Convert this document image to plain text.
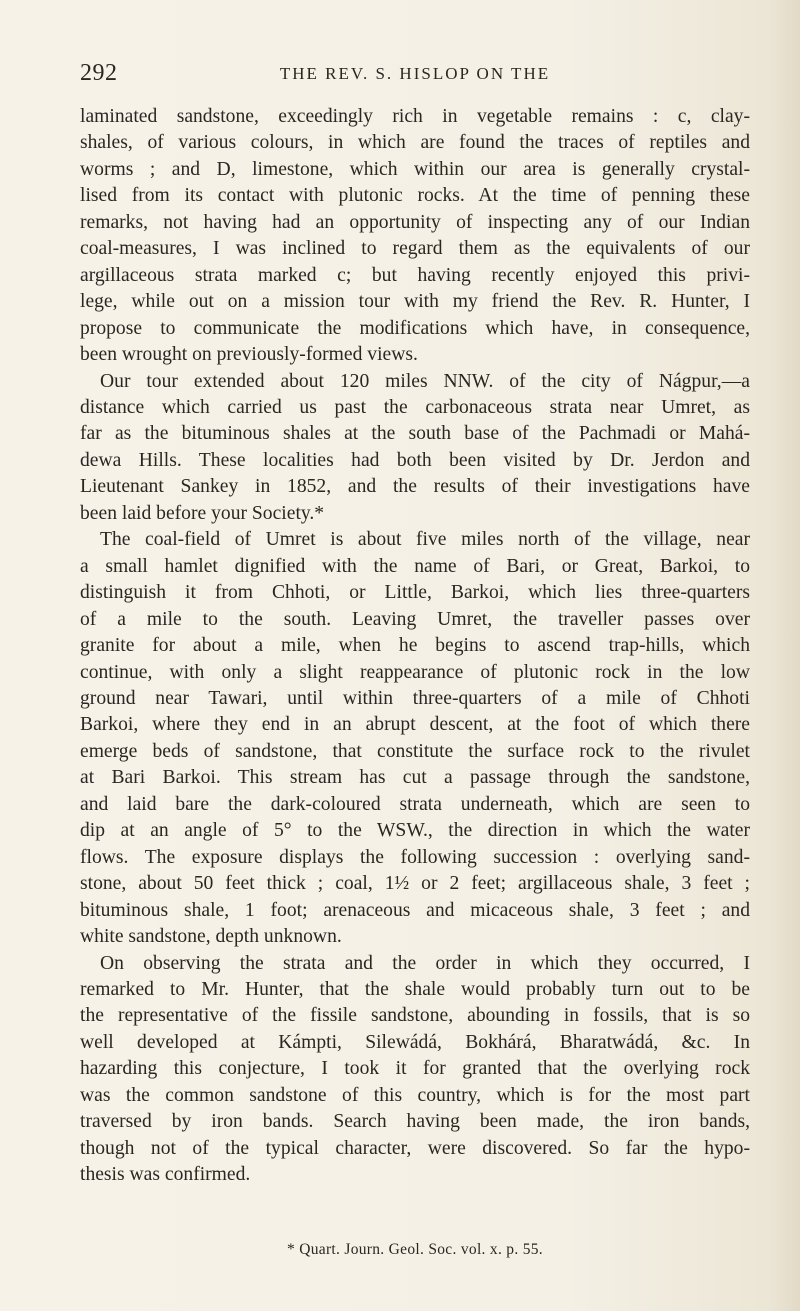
292	THE REV. S. HISLOP ON THE
laminated sandstone, exceedingly rich in vegetable remains : c, clay-
shales, of various colours, in which are found the traces of reptiles and
worms ; and D, limestone, which within our area is generally crystal-
lised from its contact with plutonic rocks. At the time of penning these
remarks, not having had an opportunity of inspecting any of our Indian
coal-measures, I was inclined to regard them as the equivalents of our
argillaceous strata marked c; but having recently enjoyed this privi-
lege, while out on a mission tour with my friend the Rev. R. Hunter, I
propose to communicate the modifications which have, in consequence,
been wrought on previously-formed views.
Our tour extended about 120 miles NNW. of the city of Nágpur,—a
distance which carried us past the carbonaceous strata near Umret, as
far as the bituminous shales at the south base of the Pachmadi or Mahá-
dewa Hills. These localities had both been visited by Dr. Jerdon and
Lieutenant Sankey in 1852, and the results of their investigations have
been laid before your Society.*
The coal-field of Umret is about five miles north of the village, near
a small hamlet dignified with the name of Bari, or Great, Barkoi, to
distinguish it from Chhoti, or Little, Barkoi, which lies three-quarters
of a mile to the south. Leaving Umret, the traveller passes over
granite for about a mile, when he begins to ascend trap-hills, which
continue, with only a slight reappearance of plutonic rock in the low
ground near Tawari, until within three-quarters of a mile of Chhoti
Barkoi, where they end in an abrupt descent, at the foot of which there
emerge beds of sandstone, that constitute the surface rock to the rivulet
at Bari Barkoi. This stream has cut a passage through the sandstone,
and laid bare the dark-coloured strata underneath, which are seen to
dip at an angle of 5° to the WSW., the direction in which the water
flows. The exposure displays the following succession : overlying sand-
stone, about 50 feet thick ; coal, 1½ or 2 feet; argillaceous shale, 3 feet ;
bituminous shale, 1 foot; arenaceous and micaceous shale, 3 feet ; and
white sandstone, depth unknown.
On observing the strata and the order in which they occurred, I
remarked to Mr. Hunter, that the shale would probably turn out to be
the representative of the fissile sandstone, abounding in fossils, that is so
well developed at Kámpti, Silewádá, Bokhárá, Bharatwádá, &c. In
hazarding this conjecture, I took it for granted that the overlying rock
was the common sandstone of this country, which is for the most part
traversed by iron bands. Search having been made, the iron bands,
though not of the typical character, were discovered. So far the hypo-
thesis was confirmed.
* Quart. Journ. Geol. Soc. vol. x. p. 55.
